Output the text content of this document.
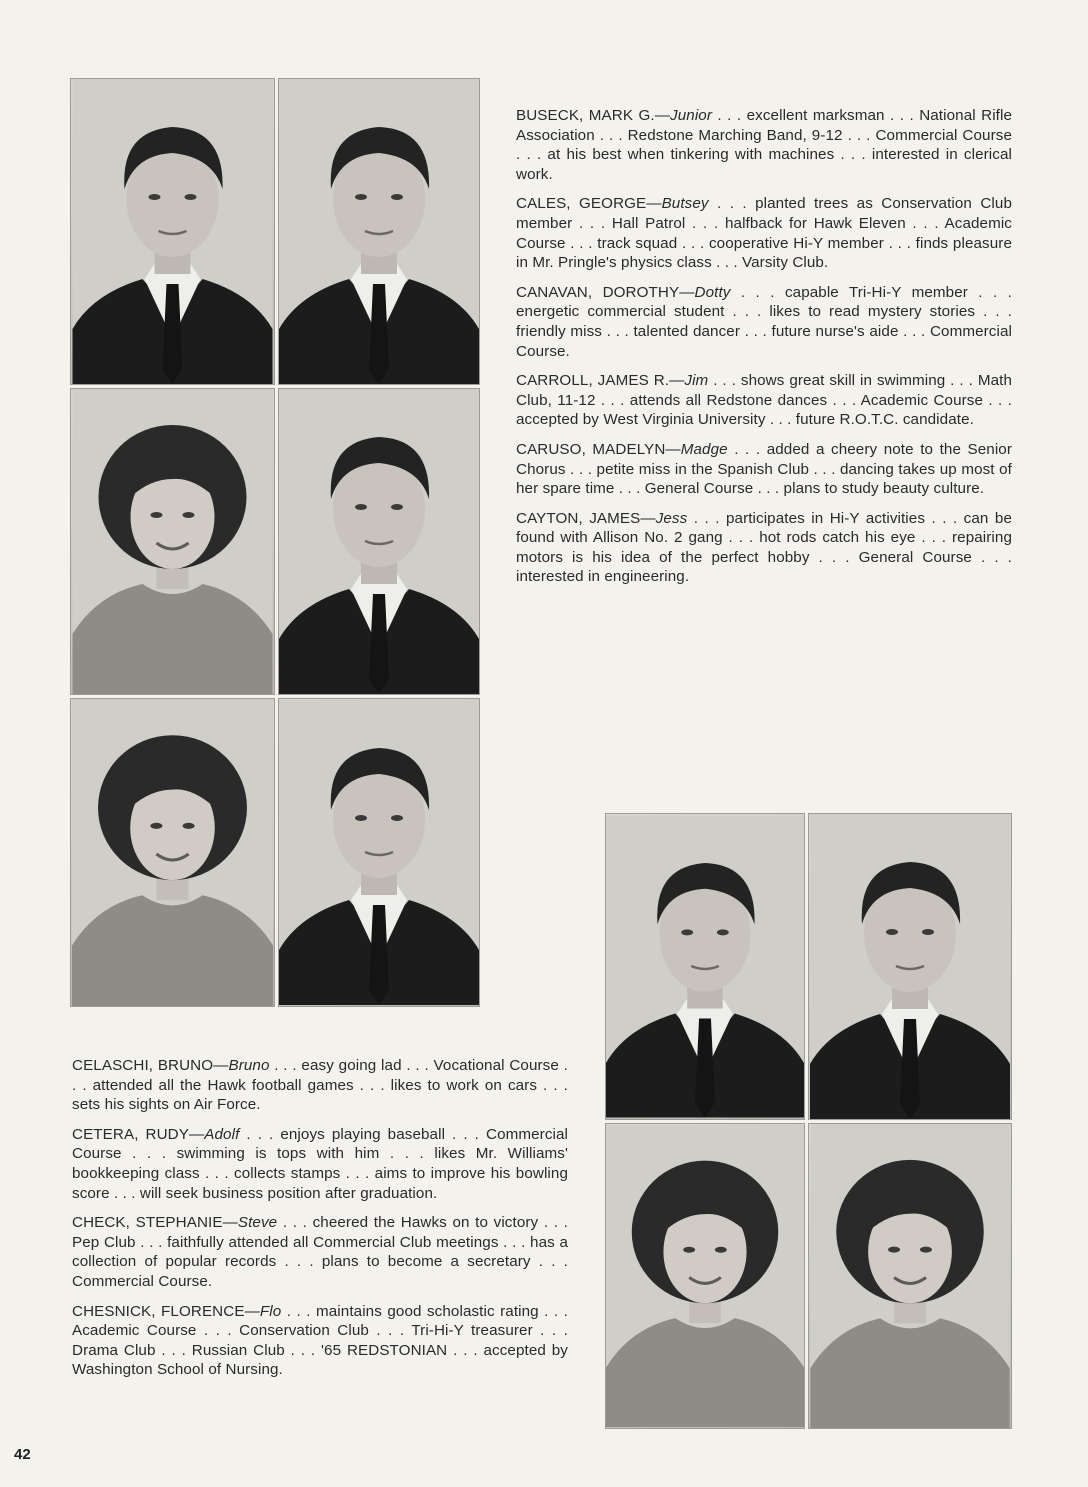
BUSECK, MARK G.—Junior . . . excellent marksman . . . National Rifle Association . . . Redstone Marching Band, 9-12 . . . Commercial Course . . . at his best when tinkering with machines . . . interested in clerical work.

CALES, GEORGE—Butsey . . . planted trees as Conservation Club member . . . Hall Patrol . . . halfback for Hawk Eleven . . . Academic Course . . . track squad . . . cooperative Hi-Y member . . . finds pleasure in Mr. Pringle's physics class . . . Varsity Club.

CANAVAN, DOROTHY—Dotty . . . capable Tri-Hi-Y member . . . energetic commercial student . . . likes to read mystery stories . . . friendly miss . . . talented dancer . . . future nurse's aide . . . Commercial Course.

CARROLL, JAMES R.—Jim . . . shows great skill in swimming . . . Math Club, 11-12 . . . attends all Redstone dances . . . Academic Course . . . accepted by West Virginia University . . . future R.O.T.C. candidate.

CARUSO, MADELYN—Madge . . . added a cheery note to the Senior Chorus . . . petite miss in the Spanish Club . . . dancing takes up most of her spare time . . . General Course . . . plans to study beauty culture.

CAYTON, JAMES—Jess . . . participates in Hi-Y activities . . . can be found with Allison No. 2 gang . . . hot rods catch his eye . . . repairing motors is his idea of the perfect hobby . . . General Course . . . interested in engineering.

CELASCHI, BRUNO—Bruno . . . easy going lad . . . Vocational Course . . . attended all the Hawk football games . . . likes to work on cars . . . sets his sights on Air Force.

CETERA, RUDY—Adolf . . . enjoys playing baseball . . . Commercial Course . . . swimming is tops with him . . . likes Mr. Williams' bookkeeping class . . . collects stamps . . . aims to improve his bowling score . . . will seek business position after graduation.

CHECK, STEPHANIE—Steve . . . cheered the Hawks on to victory . . . Pep Club . . . faithfully attended all Commercial Club meetings . . . has a collection of popular records . . . plans to become a secretary . . . Commercial Course.

CHESNICK, FLORENCE—Flo . . . maintains good scholastic rating . . . Academic Course . . . Conservation Club . . . Tri-Hi-Y treasurer . . . Drama Club . . . Russian Club . . . '65 REDSTONIAN . . . accepted by Washington School of Nursing.

42
